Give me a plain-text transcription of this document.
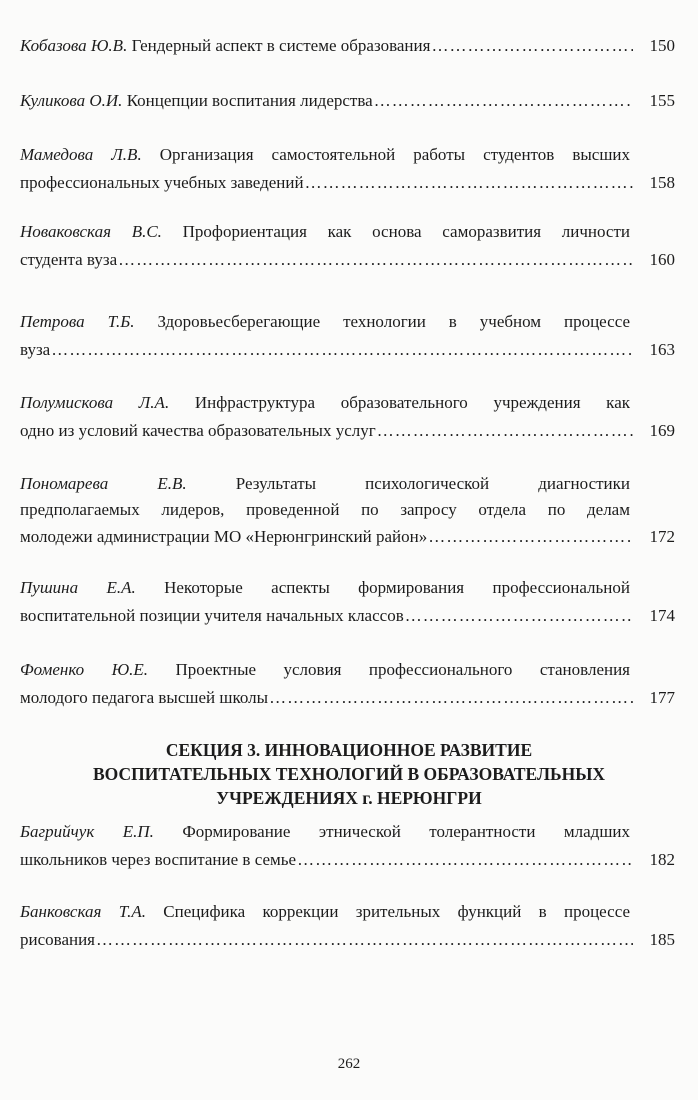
Кобазова Ю.В. Гендерный аспект в системе образования ……………………………………………………………………………………………………………………………………………………	150
Куликова О.И. Концепции воспитания лидерства ……………………………………………………………………………………………………………………………………………………	155
Мамедова Л.В. Организация самостоятельной работы студентов высших
профессиональных учебных заведений ……………………………………………………………………………………………………………………………………………………	158
Новаковская В.С. Профориентация как основа саморазвития личности
студента вуза ……………………………………………………………………………………………………………………………………………………	160
Петрова Т.Б. Здоровьесберегающие технологии в учебном процессе
вуза ……………………………………………………………………………………………………………………………………………………	163
Полумискова Л.А. Инфраструктура образовательного учреждения как
одно из условий качества образовательных услуг ……………………………………………………………………………………………………………………………………………………	169
Пономарева Е.В.	Результаты психологической диагностики
предполагаемых лидеров, проведенной по запросу отдела по делам
молодежи администрации МО «Нерюнгринский район» ……………………………………………………………………………………………………………………………………………………	172
Пушина Е.А. Некоторые аспекты формирования профессиональной
воспитательной позиции учителя начальных классов ……………………………………………………………………………………………………………………………………………………	174
Фоменко Ю.Е. Проектные условия профессионального становления
молодого педагога высшей школы ……………………………………………………………………………………………………………………………………………………	177
Багрийчук Е.П. Формирование этнической толерантности младших
школьников через воспитание в семье ……………………………………………………………………………………………………………………………………………………	182
Банковская Т.А. Специфика коррекции зрительных функций в процессе
рисования ……………………………………………………………………………………………………………………………………………………	185
СЕКЦИЯ 3. ИННОВАЦИОННОЕ РАЗВИТИЕ
ВОСПИТАТЕЛЬНЫХ ТЕХНОЛОГИЙ В ОБРАЗОВАТЕЛЬНЫХ
УЧРЕЖДЕНИЯХ г. НЕРЮНГРИ
262
